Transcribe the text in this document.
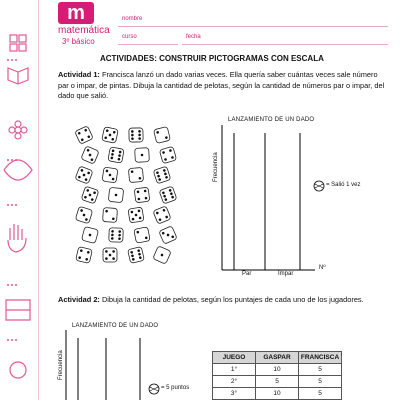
m
matemática
3º básico
nombre
curso	fecha
ACTIVIDADES: CONSTRUIR PICTOGRAMAS CON ESCALA
Actividad 1: Francisca lanzó un dado varias veces. Ella quería saber cuántas veces sale número par o impar, de pintas. Dibuja la cantidad de pelotas, según la cantidad de números par o impar, del dado que salió.
LANZAMIENTO DE UN DADO
Frecuencia
Par	Impar
Nº
= Salió 1 vez
Actividad 2: Dibuja la cantidad de pelotas, según los puntajes de cada uno de los jugadores.
LANZAMIENTO DE UN DADO
Frecuencia
= 5 puntos
JUEGO	GASPAR	FRANCISCA
1°	10	5
2°	5	5
3°	10	5
